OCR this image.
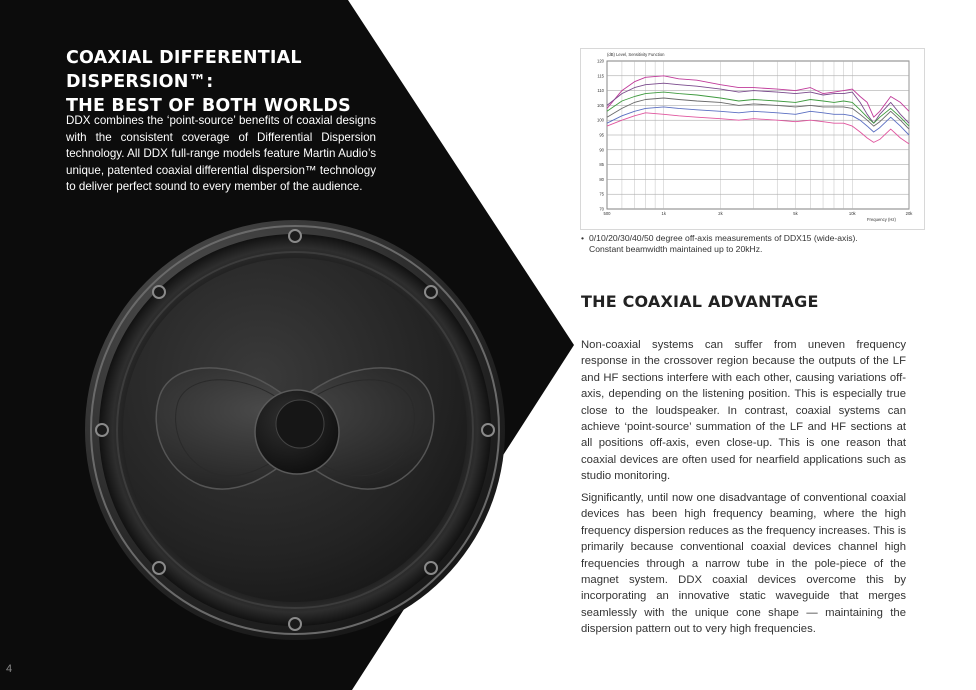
COAXIAL DIFFERENTIAL DISPERSION™:
THE BEST OF BOTH WORLDS

DDX combines the ‘point-source’ benefits of coaxial designs with the consistent coverage of Differential Dispersion technology. All DDX full-range models feature Martin Audio’s unique, patented coaxial differential dispersion™ technology to deliver perfect sound to every member of the audience.

4
70
75
80
85
90
95
100
105
110
115
120
500	1k	2k	5k	10k	20k
(dB) Level, Sensitivity Function
Frequency (Hz)

• 0/10/20/30/40/50 degree off-axis measurements of DDX15 (wide-axis).
Constant beamwidth maintained up to 20kHz.

THE COAXIAL ADVANTAGE

Non-coaxial systems can suffer from uneven frequency response in the crossover region because the outputs of the LF and HF sections interfere with each other, causing variations off-axis, depending on the listening position. This is especially true close to the loudspeaker. In contrast, coaxial systems can achieve ‘point-source’ summation of the LF and HF sections at all positions off-axis, even close-up. This is one reason that coaxial devices are often used for nearfield applications such as studio monitoring.

Significantly, until now one disadvantage of conventional coaxial devices has been high frequency beaming, where the high frequency dispersion reduces as the frequency increases. This is primarily because conventional coaxial devices channel high frequencies through a narrow tube in the pole-piece of the magnet system. DDX coaxial devices overcome this by incorporating an innovative static waveguide that merges seamlessly with the unique cone shape — maintaining the dispersion pattern out to very high frequencies.
